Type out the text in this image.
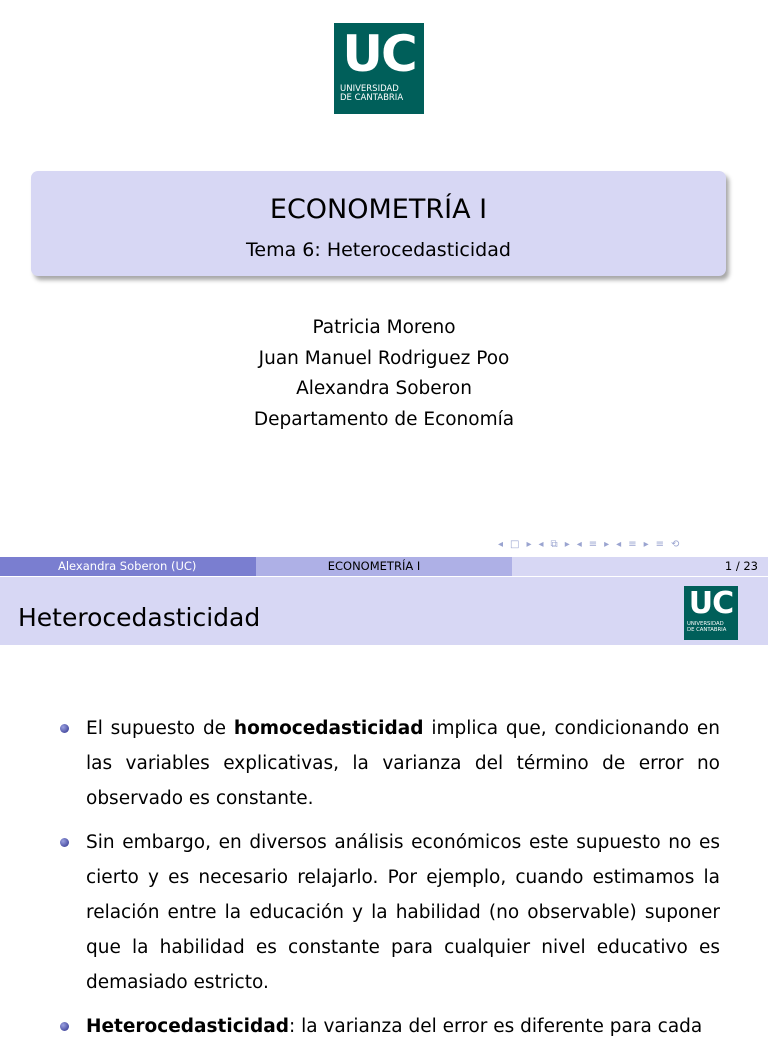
UC
UNIVERSIDAD
DE CANTABRIA
ECONOMETRÍA I
Tema 6: Heterocedasticidad
Patricia Moreno
Juan Manuel Rodriguez Poo
Alexandra Soberon
Departamento de Economía
◂ □ ▸ ◂ ⧉ ▸ ◂ ≡ ▸ ◂ ≡ ▸ ≡ ⟲
Alexandra Soberon (UC)	ECONOMETRÍA I	1 / 23
Heterocedasticidad	UC
UNIVERSIDAD
DE CANTABRIA
El supuesto de homocedasticidad implica que, condicionando en las variables explicativas, la varianza del término de error no observado es constante.
Sin embargo, en diversos análisis económicos este supuesto no es cierto y es necesario relajarlo. Por ejemplo, cuando estimamos la relación entre la educación y la habilidad (no observable) suponer que la habilidad es constante para cualquier nivel educativo es demasiado estricto.
Heterocedasticidad: la varianza del error es diferente para cada
